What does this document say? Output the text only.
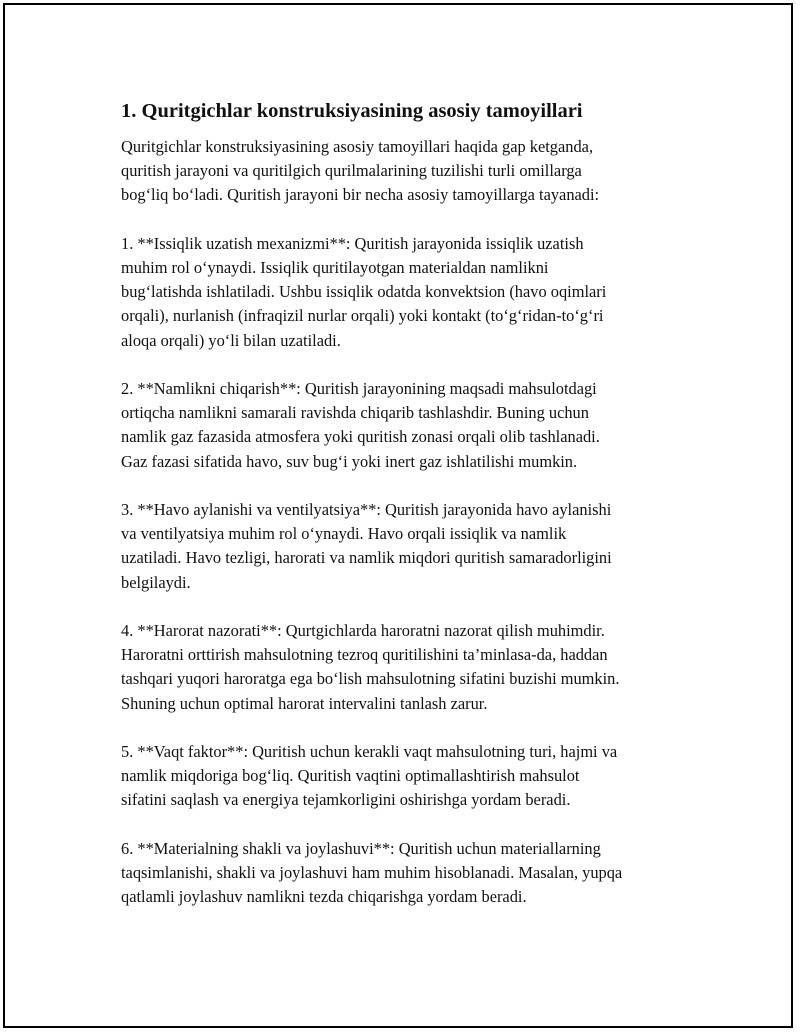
1. Quritgichlar konstruksiyasining asosiy tamoyillari

Quritgichlar konstruksiyasining asosiy tamoyillari haqida gap ketganda,
quritish jarayoni va quritilgich qurilmalarining tuzilishi turli omillarga
bog‘liq bo‘ladi. Quritish jarayoni bir necha asosiy tamoyillarga tayanadi:

1. **Issiqlik uzatish mexanizmi**: Quritish jarayonida issiqlik uzatish
muhim rol o‘ynaydi. Issiqlik quritilayotgan materialdan namlikni
bug‘latishda ishlatiladi. Ushbu issiqlik odatda konvektsion (havo oqimlari
orqali), nurlanish (infraqizil nurlar orqali) yoki kontakt (to‘g‘ridan-to‘g‘ri
aloqa orqali) yo‘li bilan uzatiladi.

2. **Namlikni chiqarish**: Quritish jarayonining maqsadi mahsulotdagi
ortiqcha namlikni samarali ravishda chiqarib tashlashdir. Buning uchun
namlik gaz fazasida atmosfera yoki quritish zonasi orqali olib tashlanadi.
Gaz fazasi sifatida havo, suv bug‘i yoki inert gaz ishlatilishi mumkin.

3. **Havo aylanishi va ventilyatsiya**: Quritish jarayonida havo aylanishi
va ventilyatsiya muhim rol o‘ynaydi. Havo orqali issiqlik va namlik
uzatiladi. Havo tezligi, harorati va namlik miqdori quritish samaradorligini
belgilaydi.

4. **Harorat nazorati**: Qurtgichlarda haroratni nazorat qilish muhimdir.
Haroratni orttirish mahsulotning tezroq quritilishini ta’minlasa-da, haddan
tashqari yuqori haroratga ega bo‘lish mahsulotning sifatini buzishi mumkin.
Shuning uchun optimal harorat intervalini tanlash zarur.

5. **Vaqt faktor**: Quritish uchun kerakli vaqt mahsulotning turi, hajmi va
namlik miqdoriga bog‘liq. Quritish vaqtini optimallashtirish mahsulot
sifatini saqlash va energiya tejamkorligini oshirishga yordam beradi.

6. **Materialning shakli va joylashuvi**: Quritish uchun materiallarning
taqsimlanishi, shakli va joylashuvi ham muhim hisoblanadi. Masalan, yupqa
qatlamli joylashuv namlikni tezda chiqarishga yordam beradi.
